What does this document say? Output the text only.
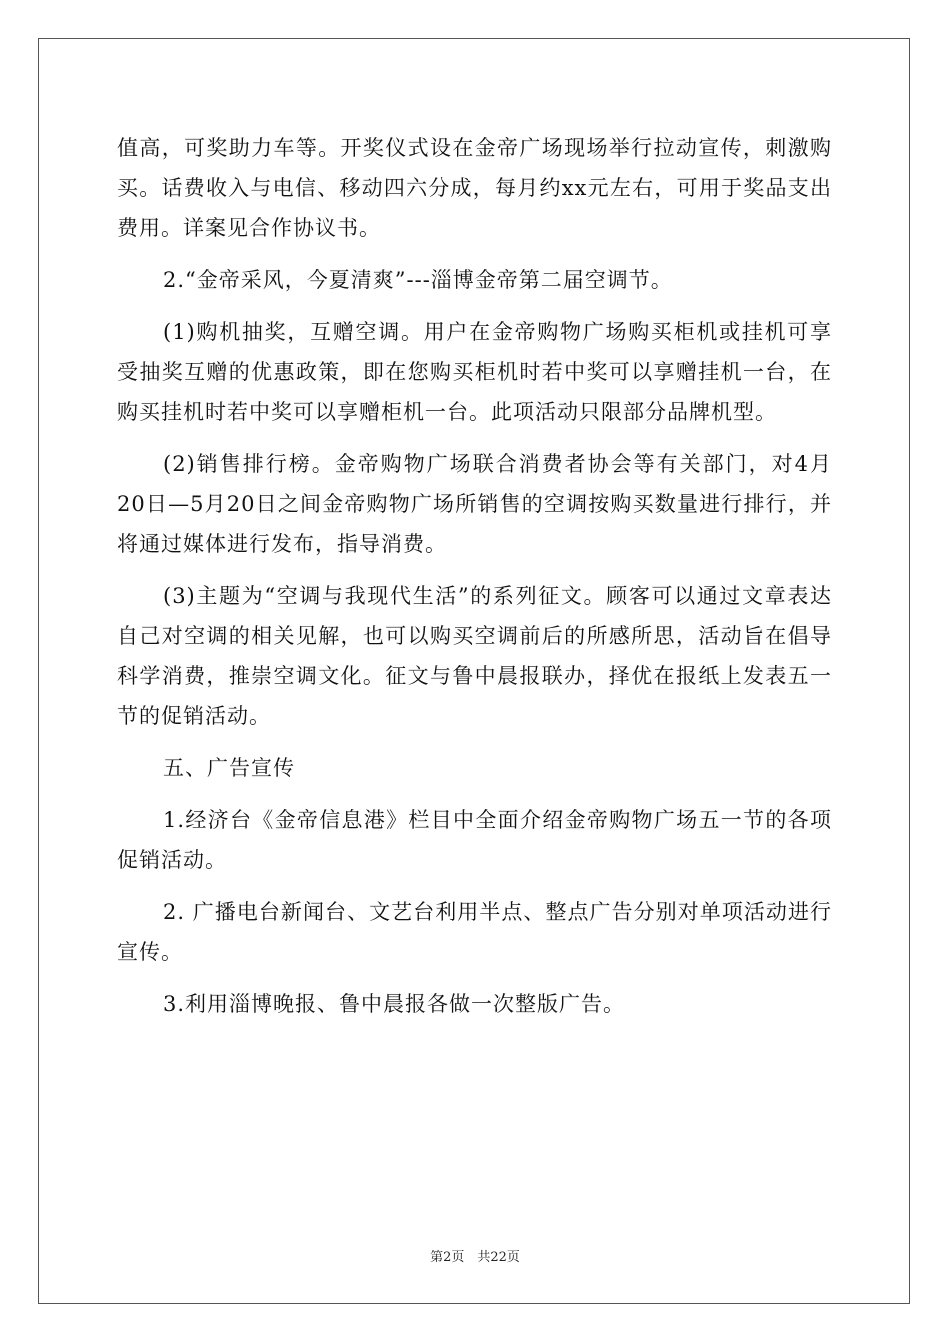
值高，可奖助力车等。开奖仪式设在金帝广场现场举行拉动宣传，刺激购买。话费收入与电信、移动四六分成，每月约xx元左右，可用于奖品支出费用。详案见合作协议书。

2.“金帝采风，今夏清爽”---淄博金帝第二届空调节。

(1)购机抽奖，互赠空调。用户在金帝购物广场购买柜机或挂机可享受抽奖互赠的优惠政策，即在您购买柜机时若中奖可以享赠挂机一台，在购买挂机时若中奖可以享赠柜机一台。此项活动只限部分品牌机型。

(2)销售排行榜。金帝购物广场联合消费者协会等有关部门，对4月20日—5月20日之间金帝购物广场所销售的空调按购买数量进行排行，并将通过媒体进行发布，指导消费。

(3)主题为“空调与我现代生活”的系列征文。顾客可以通过文章表达自己对空调的相关见解，也可以购买空调前后的所感所思，活动旨在倡导科学消费，推崇空调文化。征文与鲁中晨报联办，择优在报纸上发表五一节的促销活动。

五、广告宣传

1.经济台《金帝信息港》栏目中全面介绍金帝购物广场五一节的各项促销活动。

2. 广播电台新闻台、文艺台利用半点、整点广告分别对单项活动进行宣传。

3.利用淄博晚报、鲁中晨报各做一次整版广告。

第2页　共22页
